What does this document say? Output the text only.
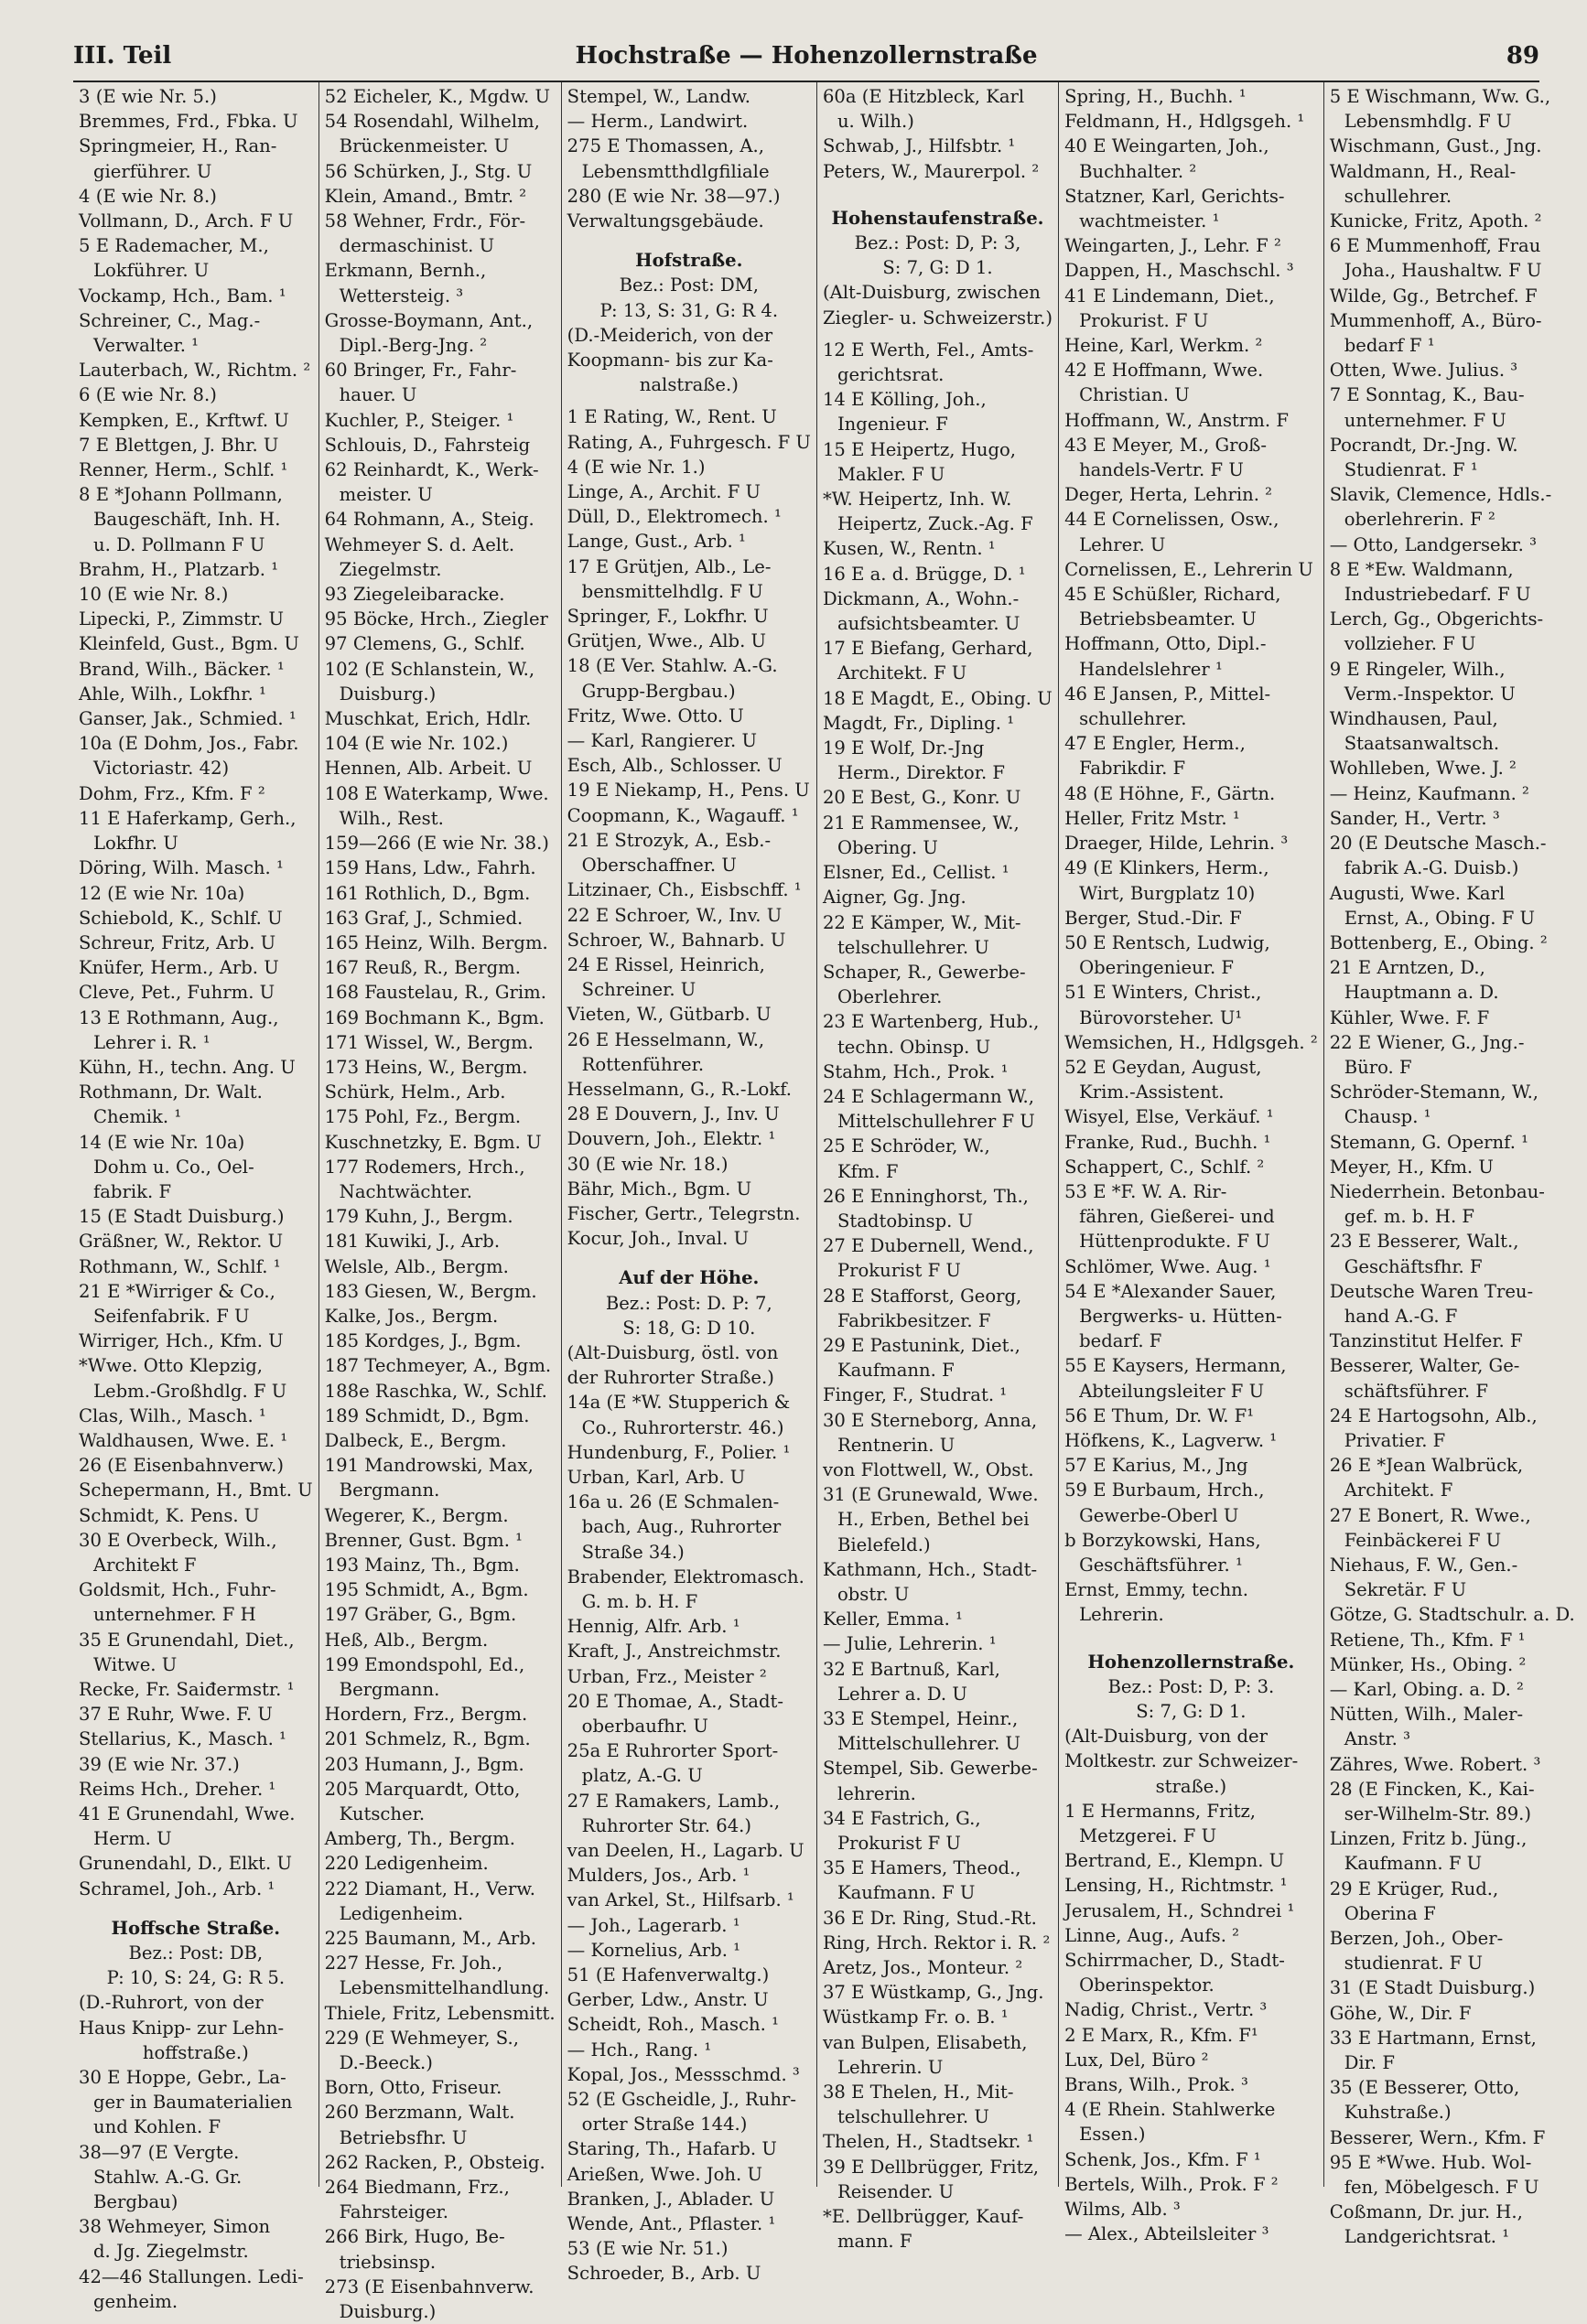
III. Teil	Hochstraße — Hohenzollernstraße	89
3 (E wie Nr. 5.)
Bremmes, Frd., Fbka. U
Springmeier, H., Ran-
gierführer. U
4 (E wie Nr. 8.)
Vollmann, D., Arch. F U
5 E Rademacher, M.,
Lokführer. U
Vockamp, Hch., Bam. ¹
Schreiner, C., Mag.-
Verwalter. ¹
Lauterbach, W., Richtm. ²
6 (E wie Nr. 8.)
Kempken, E., Krftwf. U
7 E Blettgen, J. Bhr. U
Renner, Herm., Schlf. ¹
8 E *Johann Pollmann,
Baugeschäft, Inh. H.
u. D. Pollmann F U
Brahm, H., Platzarb. ¹
10 (E wie Nr. 8.)
Lipecki, P., Zimmstr. U
Kleinfeld, Gust., Bgm. U
Brand, Wilh., Bäcker. ¹
Ahle, Wilh., Lokfhr. ¹
Ganser, Jak., Schmied. ¹
10a (E Dohm, Jos., Fabr.
Victoriastr. 42)
Dohm, Frz., Kfm. F ²
11 E Haferkamp, Gerh.,
Lokfhr. U
Döring, Wilh. Masch. ¹
12 (E wie Nr. 10a)
Schiebold, K., Schlf. U
Schreur, Fritz, Arb. U
Knüfer, Herm., Arb. U
Cleve, Pet., Fuhrm. U
13 E Rothmann, Aug.,
Lehrer i. R. ¹
Kühn, H., techn. Ang. U
Rothmann, Dr. Walt.
Chemik. ¹
14 (E wie Nr. 10a)
Dohm u. Co., Oel-
fabrik. F
15 (E Stadt Duisburg.)
Gräßner, W., Rektor. U
Rothmann, W., Schlf. ¹
21 E *Wirriger & Co.,
Seifenfabrik. F U
Wirriger, Hch., Kfm. U
*Wwe. Otto Klepzig,
Lebm.-Großhdlg. F U
Clas, Wilh., Masch. ¹
Waldhausen, Wwe. E. ¹
26 (E Eisenbahnverw.)
Schepermann, H., Bmt. U
Schmidt, K. Pens. U
30 E Overbeck, Wilh.,
Architekt F
Goldsmit, Hch., Fuhr-
unternehmer. F H
35 E Grunendahl, Diet.,
Witwe. U
Recke, Fr. Saiđermstr. ¹
37 E Ruhr, Wwe. F. U
Stellarius, K., Masch. ¹
39 (E wie Nr. 37.)
Reims Hch., Dreher. ¹
41 E Grunendahl, Wwe.
Herm. U
Grunendahl, D., Elkt. U
Schramel, Joh., Arb. ¹
Hoffsche Straße.
Bez.: Post: DB,
P: 10, S: 24, G: R 5.
(D.-Ruhrort, von der
Haus Knipp- zur Lehn-
hoffstraße.)
30 E Hoppe, Gebr., La-
ger in Baumaterialien
und Kohlen. F
38—97 (E Vergte.
Stahlw. A.-G. Gr.
Bergbau)
38 Wehmeyer, Simon
d. Jg. Ziegelmstr.
42—46 Stallungen. Ledi-
genheim.
52 Eicheler, K., Mgdw. U
54 Rosendahl, Wilhelm,
Brückenmeister. U
56 Schürken, J., Stg. U
Klein, Amand., Bmtr. ²
58 Wehner, Frdr., För-
dermaschinist. U
Erkmann, Bernh.,
Wettersteig. ³
Grosse-Boymann, Ant.,
Dipl.-Berg-Jng. ²
60 Bringer, Fr., Fahr-
hauer. U
Kuchler, P., Steiger. ¹
Schlouis, D., Fahrsteig
62 Reinhardt, K., Werk-
meister. U
64 Rohmann, A., Steig.
Wehmeyer S. d. Aelt.
Ziegelmstr.
93 Ziegeleibaracke.
95 Böcke, Hrch., Ziegler
97 Clemens, G., Schlf.
102 (E Schlanstein, W.,
Duisburg.)
Muschkat, Erich, Hdlr.
104 (E wie Nr. 102.)
Hennen, Alb. Arbeit. U
108 E Waterkamp, Wwe.
Wilh., Rest.
159—266 (E wie Nr. 38.)
159 Hans, Ldw., Fahrh.
161 Rothlich, D., Bgm.
163 Graf, J., Schmied.
165 Heinz, Wilh. Bergm.
167 Reuß, R., Bergm.
168 Faustelau, R., Grim.
169 Bochmann K., Bgm.
171 Wissel, W., Bergm.
173 Heins, W., Bergm.
Schürk, Helm., Arb.
175 Pohl, Fz., Bergm.
Kuschnetzky, E. Bgm. U
177 Rodemers, Hrch.,
Nachtwächter.
179 Kuhn, J., Bergm.
181 Kuwiki, J., Arb.
Welsle, Alb., Bergm.
183 Giesen, W., Bergm.
Kalke, Jos., Bergm.
185 Kordges, J., Bgm.
187 Techmeyer, A., Bgm.
188e Raschka, W., Schlf.
189 Schmidt, D., Bgm.
Dalbeck, E., Bergm.
191 Mandrowski, Max,
Bergmann.
Wegerer, K., Bergm.
Brenner, Gust. Bgm. ¹
193 Mainz, Th., Bgm.
195 Schmidt, A., Bgm.
197 Gräber, G., Bgm.
Heß, Alb., Bergm.
199 Emondspohl, Ed.,
Bergmann.
Hordern, Frz., Bergm.
201 Schmelz, R., Bgm.
203 Humann, J., Bgm.
205 Marquardt, Otto,
Kutscher.
Amberg, Th., Bergm.
220 Ledigenheim.
222 Diamant, H., Verw.
Ledigenheim.
225 Baumann, M., Arb.
227 Hesse, Fr. Joh.,
Lebensmittelhandlung.
Thiele, Fritz, Lebensmitt.
229 (E Wehmeyer, S.,
D.-Beeck.)
Born, Otto, Friseur.
260 Berzmann, Walt.
Betriebsfhr. U
262 Racken, P., Obsteig.
264 Biedmann, Frz.,
Fahrsteiger.
266 Birk, Hugo, Be-
triebsinsp.
273 (E Eisenbahnverw.
Duisburg.)
Stempel, W., Landw.
— Herm., Landwirt.
275 E Thomassen, A.,
Lebensmtthdlgfiliale
280 (E wie Nr. 38—97.)
Verwaltungsgebäude.
Hofstraße.
Bez.: Post: DM,
P: 13, S: 31, G: R 4.
(D.-Meiderich, von der
Koopmann- bis zur Ka-
nalstraße.)
1 E Rating, W., Rent. U
Rating, A., Fuhrgesch. F U
4 (E wie Nr. 1.)
Linge, A., Archit. F U
Düll, D., Elektromech. ¹
Lange, Gust., Arb. ¹
17 E Grütjen, Alb., Le-
bensmittelhdlg. F U
Springer, F., Lokfhr. U
Grütjen, Wwe., Alb. U
18 (E Ver. Stahlw. A.-G.
Grupp-Bergbau.)
Fritz, Wwe. Otto. U
— Karl, Rangierer. U
Esch, Alb., Schlosser. U
19 E Niekamp, H., Pens. U
Coopmann, K., Wagauff. ¹
21 E Strozyk, A., Esb.-
Oberschaffner. U
Litzinaer, Ch., Eisbschff. ¹
22 E Schroer, W., Inv. U
Schroer, W., Bahnarb. U
24 E Rissel, Heinrich,
Schreiner. U
Vieten, W., Gütbarb. U
26 E Hesselmann, W.,
Rottenführer.
Hesselmann, G., R.-Lokf.
28 E Douvern, J., Inv. U
Douvern, Joh., Elektr. ¹
30 (E wie Nr. 18.)
Bähr, Mich., Bgm. U
Fischer, Gertr., Telegrstn.
Kocur, Joh., Inval. U
Auf der Höhe.
Bez.: Post: D. P: 7,
S: 18, G: D 10.
(Alt-Duisburg, östl. von
der Ruhrorter Straße.)
14a (E *W. Stupperich &
Co., Ruhrorterstr. 46.)
Hundenburg, F., Polier. ¹
Urban, Karl, Arb. U
16a u. 26 (E Schmalen-
bach, Aug., Ruhrorter
Straße 34.)
Brabender, Elektromasch.
G. m. b. H. F
Hennig, Alfr. Arb. ¹
Kraft, J., Anstreichmstr.
Urban, Frz., Meister ²
20 E Thomae, A., Stadt-
oberbaufhr. U
25a E Ruhrorter Sport-
platz, A.-G. U
27 E Ramakers, Lamb.,
Ruhrorter Str. 64.)
van Deelen, H., Lagarb. U
Mulders, Jos., Arb. ¹
van Arkel, St., Hilfsarb. ¹
— Joh., Lagerarb. ¹
— Kornelius, Arb. ¹
51 (E Hafenverwaltg.)
Gerber, Ldw., Anstr. U
Scheidt, Roh., Masch. ¹
— Hch., Rang. ¹
Kopal, Jos., Messschmd. ³
52 (E Gscheidle, J., Ruhr-
orter Straße 144.)
Staring, Th., Hafarb. U
Arießen, Wwe. Joh. U
Branken, J., Ablader. U
Wende, Ant., Pflaster. ¹
53 (E wie Nr. 51.)
Schroeder, B., Arb. U
60a (E Hitzbleck, Karl
u. Wilh.)
Schwab, J., Hilfsbtr. ¹
Peters, W., Maurerpol. ²
Hohenstaufenstraße.
Bez.: Post: D, P: 3,
S: 7, G: D 1.
(Alt-Duisburg, zwischen
Ziegler- u. Schweizerstr.)
12 E Werth, Fel., Amts-
gerichtsrat.
14 E Kölling, Joh.,
Ingenieur. F
15 E Heipertz, Hugo,
Makler. F U
*W. Heipertz, Inh. W.
Heipertz, Zuck.-Ag. F
Kusen, W., Rentn. ¹
16 E a. d. Brügge, D. ¹
Dickmann, A., Wohn.-
aufsichtsbeamter. U
17 E Biefang, Gerhard,
Architekt. F U
18 E Magdt, E., Obing. U
Magdt, Fr., Dipling. ¹
19 E Wolf, Dr.-Jng
Herm., Direktor. F
20 E Best, G., Konr. U
21 E Rammensee, W.,
Obering. U
Elsner, Ed., Cellist. ¹
Aigner, Gg. Jng.
22 E Kämper, W., Mit-
telschullehrer. U
Schaper, R., Gewerbe-
Oberlehrer.
23 E Wartenberg, Hub.,
techn. Obinsp. U
Stahm, Hch., Prok. ¹
24 E Schlagermann W.,
Mittelschullehrer F U
25 E Schröder, W.,
Kfm. F
26 E Enninghorst, Th.,
Stadtobinsp. U
27 E Dubernell, Wend.,
Prokurist F U
28 E Stafforst, Georg,
Fabrikbesitzer. F
29 E Pastunink, Diet.,
Kaufmann. F
Finger, F., Studrat. ¹
30 E Sterneborg, Anna,
Rentnerin. U
von Flottwell, W., Obst.
31 (E Grunewald, Wwe.
H., Erben, Bethel bei
Bielefeld.)
Kathmann, Hch., Stadt-
obstr. U
Keller, Emma. ¹
— Julie, Lehrerin. ¹
32 E Bartnuß, Karl,
Lehrer a. D. U
33 E Stempel, Heinr.,
Mittelschullehrer. U
Stempel, Sib. Gewerbe-
lehrerin.
34 E Fastrich, G.,
Prokurist F U
35 E Hamers, Theod.,
Kaufmann. F U
36 E Dr. Ring, Stud.-Rt.
Ring, Hrch. Rektor i. R. ²
Aretz, Jos., Monteur. ²
37 E Wüstkamp, G., Jng.
Wüstkamp Fr. o. B. ¹
van Bulpen, Elisabeth,
Lehrerin. U
38 E Thelen, H., Mit-
telschullehrer. U
Thelen, H., Stadtsekr. ¹
39 E Dellbrügger, Fritz,
Reisender. U
*E. Dellbrügger, Kauf-
mann. F
Spring, H., Buchh. ¹
Feldmann, H., Hdlgsgeh. ¹
40 E Weingarten, Joh.,
Buchhalter. ²
Statzner, Karl, Gerichts-
wachtmeister. ¹
Weingarten, J., Lehr. F ²
Dappen, H., Maschschl. ³
41 E Lindemann, Diet.,
Prokurist. F U
Heine, Karl, Werkm. ²
42 E Hoffmann, Wwe.
Christian. U
Hoffmann, W., Anstrm. F
43 E Meyer, M., Groß-
handels-Vertr. F U
Deger, Herta, Lehrin. ²
44 E Cornelissen, Osw.,
Lehrer. U
Cornelissen, E., Lehrerin U
45 E Schüßler, Richard,
Betriebsbeamter. U
Hoffmann, Otto, Dipl.-
Handelslehrer ¹
46 E Jansen, P., Mittel-
schullehrer.
47 E Engler, Herm.,
Fabrikdir. F
48 (E Höhne, F., Gärtn.
Heller, Fritz Mstr. ¹
Draeger, Hilde, Lehrin. ³
49 (E Klinkers, Herm.,
Wirt, Burgplatz 10)
Berger, Stud.-Dir. F
50 E Rentsch, Ludwig,
Oberingenieur. F
51 E Winters, Christ.,
Bürovorsteher. U¹
Wemsichen, H., Hdlgsgeh. ²
52 E Geydan, August,
Krim.-Assistent.
Wisyel, Else, Verkäuf. ¹
Franke, Rud., Buchh. ¹
Schappert, C., Schlf. ²
53 E *F. W. A. Rir-
fähren, Gießerei- und
Hüttenprodukte. F U
Schlömer, Wwe. Aug. ¹
54 E *Alexander Sauer,
Bergwerks- u. Hütten-
bedarf. F
55 E Kaysers, Hermann,
Abteilungsleiter F U
56 E Thum, Dr. W. F¹
Höfkens, K., Lagverw. ¹
57 E Karius, M., Jng
59 E Burbaum, Hrch.,
Gewerbe-Oberl U
b Borzykowski, Hans,
Geschäftsführer. ¹
Ernst, Emmy, techn.
Lehrerin.
Hohenzollernstraße.
Bez.: Post: D, P: 3.
S: 7, G: D 1.
(Alt-Duisburg, von der
Moltkestr. zur Schweizer-
straße.)
1 E Hermanns, Fritz,
Metzgerei. F U
Bertrand, E., Klempn. U
Lensing, H., Richtmstr. ¹
Jerusalem, H., Schndrei ¹
Linne, Aug., Aufs. ²
Schirrmacher, D., Stadt-
Oberinspektor.
Nadig, Christ., Vertr. ³
2 E Marx, R., Kfm. F¹
Lux, Del, Büro ²
Brans, Wilh., Prok. ³
4 (E Rhein. Stahlwerke
Essen.)
Schenk, Jos., Kfm. F ¹
Bertels, Wilh., Prok. F ²
Wilms, Alb. ³
— Alex., Abteilsleiter ³
5 E Wischmann, Ww. G.,
Lebensmhdlg. F U
Wischmann, Gust., Jng.
Waldmann, H., Real-
schullehrer.
Kunicke, Fritz, Apoth. ²
6 E Mummenhoff, Frau
Joha., Haushaltw. F U
Wilde, Gg., Betrchef. F
Mummenhoff, A., Büro-
bedarf F ¹
Otten, Wwe. Julius. ³
7 E Sonntag, K., Bau-
unternehmer. F U
Pocrandt, Dr.-Jng. W.
Studienrat. F ¹
Slavik, Clemence, Hdls.-
oberlehrerin. F ²
— Otto, Landgersekr. ³
8 E *Ew. Waldmann,
Industriebedarf. F U
Lerch, Gg., Obgerichts-
vollzieher. F U
9 E Ringeler, Wilh.,
Verm.-Inspektor. U
Windhausen, Paul,
Staatsanwaltsch.
Wohlleben, Wwe. J. ²
— Heinz, Kaufmann. ²
Sander, H., Vertr. ³
20 (E Deutsche Masch.-
fabrik A.-G. Duisb.)
Augusti, Wwe. Karl
Ernst, A., Obing. F U
Bottenberg, E., Obing. ²
21 E Arntzen, D.,
Hauptmann a. D.
Kühler, Wwe. F. F
22 E Wiener, G., Jng.-
Büro. F
Schröder-Stemann, W.,
Chausp. ¹
Stemann, G. Opernf. ¹
Meyer, H., Kfm. U
Niederrhein. Betonbau-
gef. m. b. H. F
23 E Besserer, Walt.,
Geschäftsfhr. F
Deutsche Waren Treu-
hand A.-G. F
Tanzinstitut Helfer. F
Besserer, Walter, Ge-
schäftsführer. F
24 E Hartogsohn, Alb.,
Privatier. F
26 E *Jean Walbrück,
Architekt. F
27 E Bonert, R. Wwe.,
Feinbäckerei F U
Niehaus, F. W., Gen.-
Sekretär. F U
Götze, G. Stadtschulr. a. D.
Retiene, Th., Kfm. F ¹
Münker, Hs., Obing. ²
— Karl, Obing. a. D. ²
Nütten, Wilh., Maler-
Anstr. ³
Zähres, Wwe. Robert. ³
28 (E Fincken, K., Kai-
ser-Wilhelm-Str. 89.)
Linzen, Fritz b. Jüng.,
Kaufmann. F U
29 E Krüger, Rud.,
Oberina F
Berzen, Joh., Ober-
studienrat. F U
31 (E Stadt Duisburg.)
Göhe, W., Dir. F
33 E Hartmann, Ernst,
Dir. F
35 (E Besserer, Otto,
Kuhstraße.)
Besserer, Wern., Kfm. F
95 E *Wwe. Hub. Wol-
fen, Möbelgesch. F U
Coßmann, Dr. jur. H.,
Landgerichtsrat. ¹
